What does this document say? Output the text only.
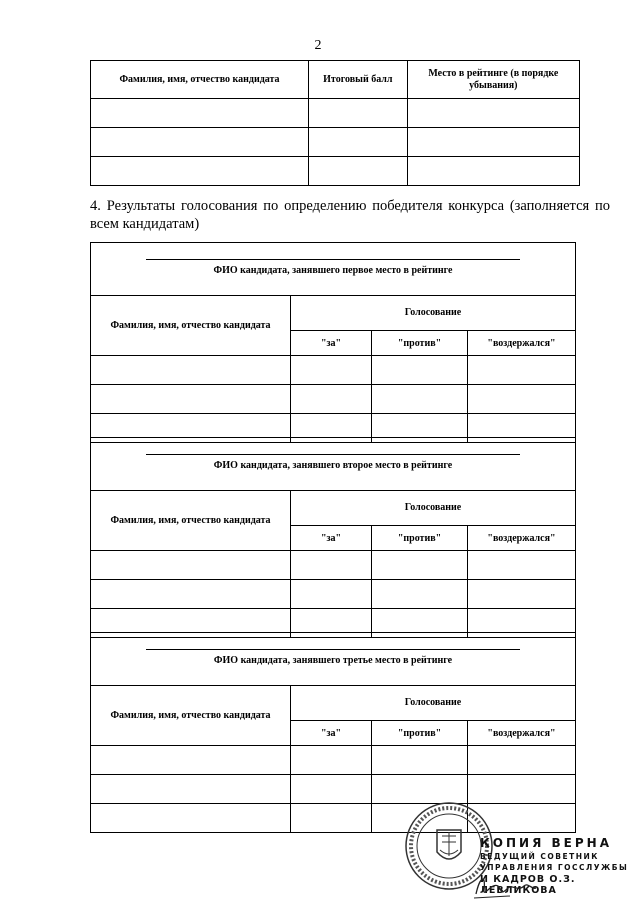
2
Фамилия, имя, отчество кандидата	Итоговый балл	Место в рейтинге (в порядке убывания)

4. Результаты голосования по определению победителя конкурса (заполняется по всем кандидатам)
ФИО кандидата, занявшего первое место в рейтинге
Фамилия, имя, отчество кандидата	Голосование		
	"за"	"против"	"воздержался"

ФИО кандидата, занявшего второе место в рейтинге
Фамилия, имя, отчество кандидата	Голосование		
	"за"	"против"	"воздержался"

ФИО кандидата, занявшего третье место в рейтинге
Фамилия, имя, отчество кандидата	Голосование		
	"за"	"против"	"воздержался"

КОПИЯ ВЕРНА
ВЕДУЩИЙ СОВЕТНИК
УПРАВЛЕНИЯ ГОССЛУЖБЫ
И КАДРОВ О.З. ЛЕВЛИКОВА
